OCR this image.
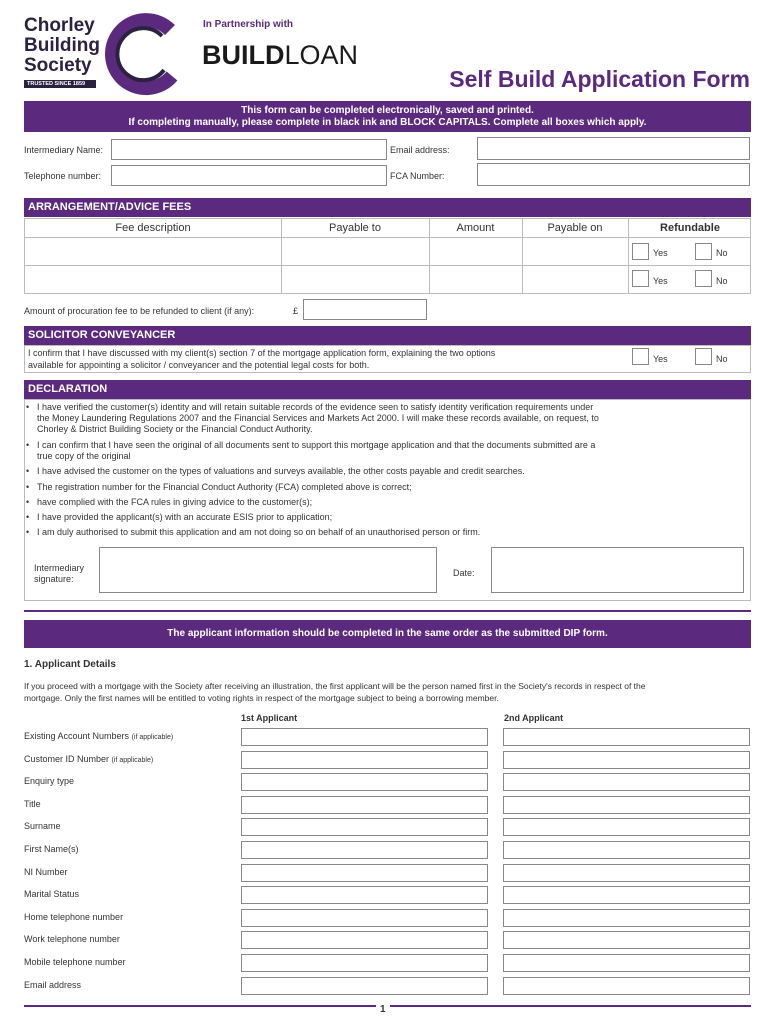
Chorley
Building
Society
TRUSTED SINCE 1859
In Partnership with
BUILDLOAN
Self Build Application Form
This form can be completed electronically, saved and printed.
If completing manually, please complete in black ink and BLOCK CAPITALS. Complete all boxes which apply.
Intermediary Name:	Email address:
Telephone number:	FCA Number:
ARRANGEMENT/ADVICE FEES
Fee description	Payable to	Amount	Payable on	Refundable
Yes	No
Yes	No
Amount of procuration fee to be refunded to client (if any):	£
SOLICITOR CONVEYANCER
I confirm that I have discussed with my client(s) section 7 of the mortgage application form, explaining the two options
available for appointing a solicitor / conveyancer and the potential legal costs for both.
Yes	No
DECLARATION
• I have verified the customer(s) identity and will retain suitable records of the evidence seen to satisfy identity verification requirements under
the Money Laundering Regulations 2007 and the Financial Services and Markets Act 2000. I will make these records available, on request, to
Chorley & District Building Society or the Financial Conduct Authority.
• I can confirm that I have seen the original of all documents sent to support this mortgage application and that the documents submitted are a
true copy of the original
• I have advised the customer on the types of valuations and surveys available, the other costs payable and credit searches.
• The registration number for the Financial Conduct Authority (FCA) completed above is correct;
• have complied with the FCA rules in giving advice to the customer(s);
• I have provided the applicant(s) with an accurate ESIS prior to application;
• I am duly authorised to submit this application and am not doing so on behalf of an unauthorised person or firm.
Intermediary
signature:
Date:
The applicant information should be completed in the same order as the submitted DIP form.
1. Applicant Details
If you proceed with a mortgage with the Society after receiving an illustration, the first applicant will be the person named first in the Society's records in respect of the
mortgage. Only the first names will be entitled to voting rights in respect of the mortgage subject to being a borrowing member.
1st Applicant	2nd Applicant
Existing Account Numbers (if applicable)
Customer ID Number (if applicable)
Enquiry type
Title
Surname
First Name(s)
NI Number
Marital Status
Home telephone number
Work telephone number
Mobile telephone number
Email address
1
